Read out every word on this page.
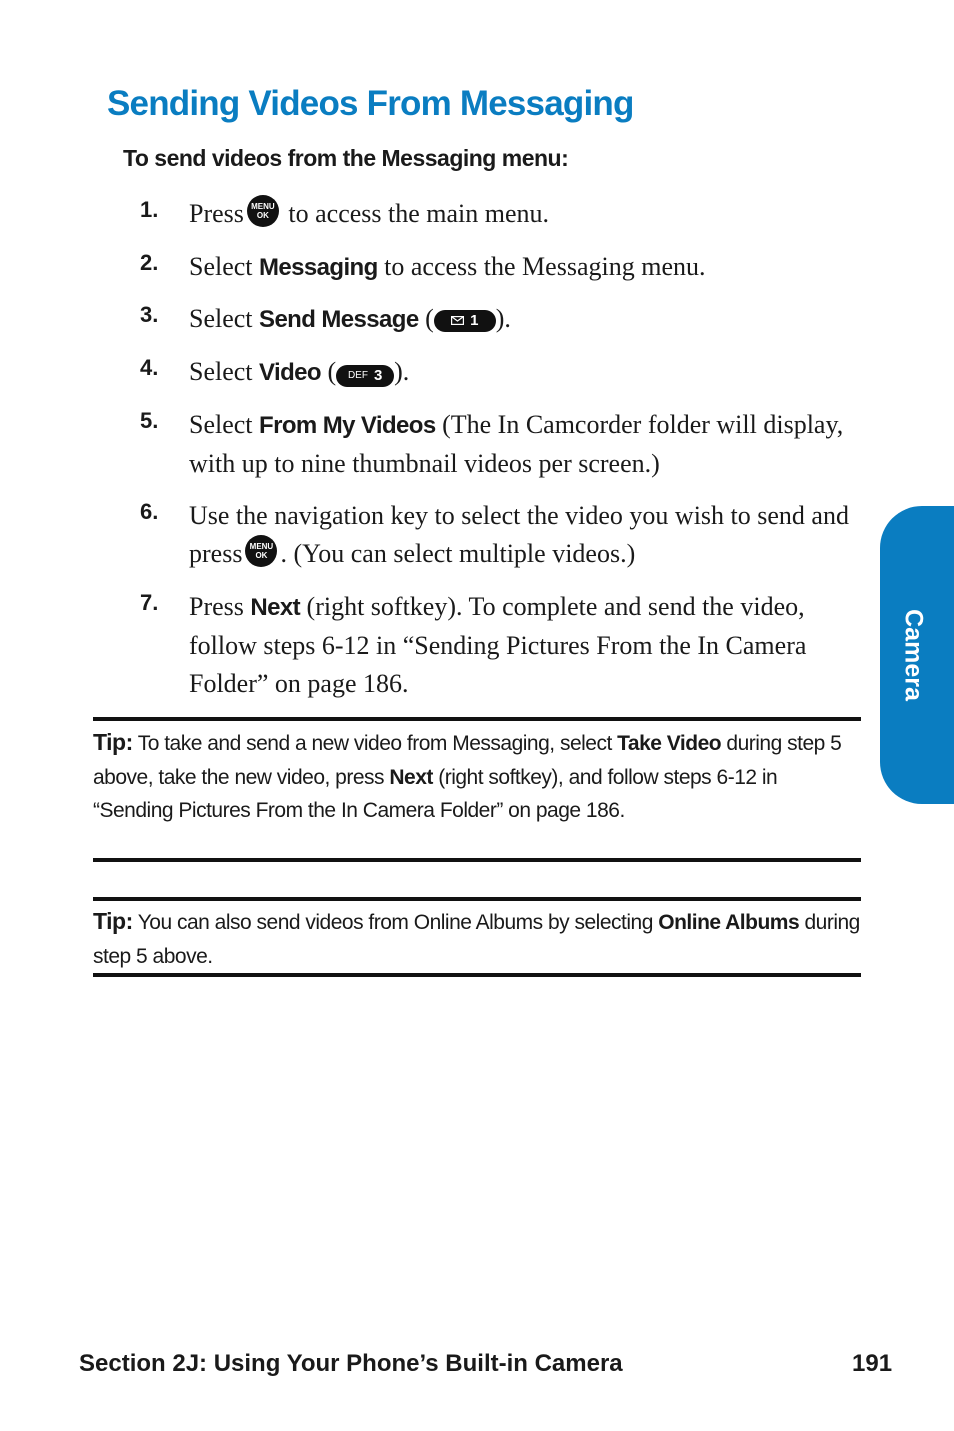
Sending Videos From Messaging
To send videos from the Messaging menu:
1.	Press MENU
OK to access the main menu.
2.	Select Messaging to access the Messaging menu.
3.	Select Send Message ( 1 ).
4.	Select Video ( DEF 3 ).
5.	Select From My Videos (The In Camcorder folder will display, with up to nine thumbnail videos per screen.)
6.	Use the navigation key to select the video you wish to send and press MENU
OK . (You can select multiple videos.)
7.	Press Next (right softkey). To complete and send the video, follow steps 6-12 in “Sending Pictures From the In Camera Folder” on page 186.
Tip: To take and send a new video from Messaging, select Take Video during step 5 above, take the new video, press Next (right softkey), and follow steps 6-12 in “Sending Pictures From the In Camera Folder” on page 186.
Tip: You can also send videos from Online Albums by selecting Online Albums during step 5 above.
Camera
Section 2J: Using Your Phone’s Built-in Camera	191
